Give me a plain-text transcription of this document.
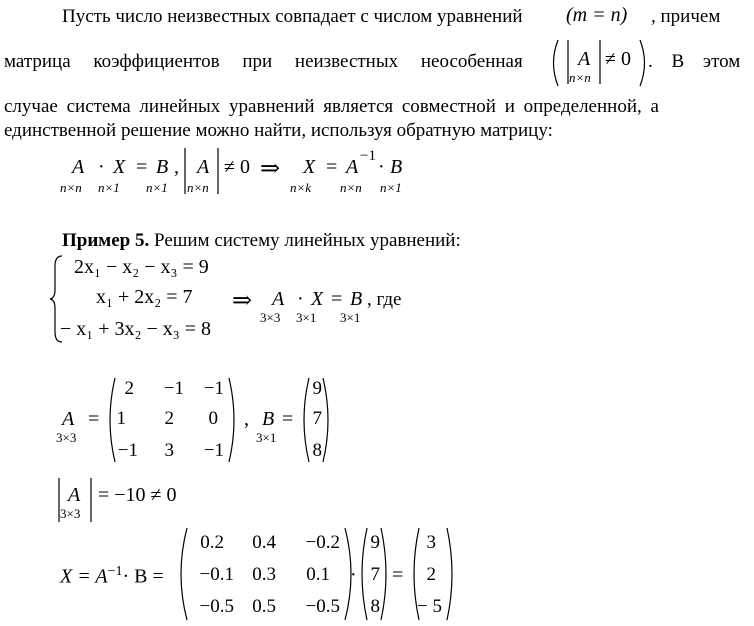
Пусть число неизвестных совпадает с числом уравнений (m = n) , причем
матрица коэффициентов при неизвестных неособенная	A
n×n
≠ 0 . В этом
случае система линейных уравнений является совместной и определенной, а
единственной решение можно найти, используя обратную матрицу:
A · X = B ,
n×n n×1 n×1
A
n×n
≠ 0 ⇒ X
n×k
= A −1 · B
n×n n×1
Пример 5. Решим систему линейных уравнений:
2x₁ − x₂ − x₃ = 9
x₁ + 2x₂ = 7
− x₁ + 3x₂ − x₃ = 8
⇒ A · X = B , где
3×3 3×1 3×1
A
3×3
=
2	−1	−1
1	2	0
−1	3	−1
, B
3×1
=
9
7
8
A
3×3
= −10 ≠ 0
$X = A^{-1}\cdot B$ =
0.2	0.4	−0.2
−0.1 0.3	0.1
−0.5 0.5	−0.5
·
9
7
8
=
3
2
− 5
